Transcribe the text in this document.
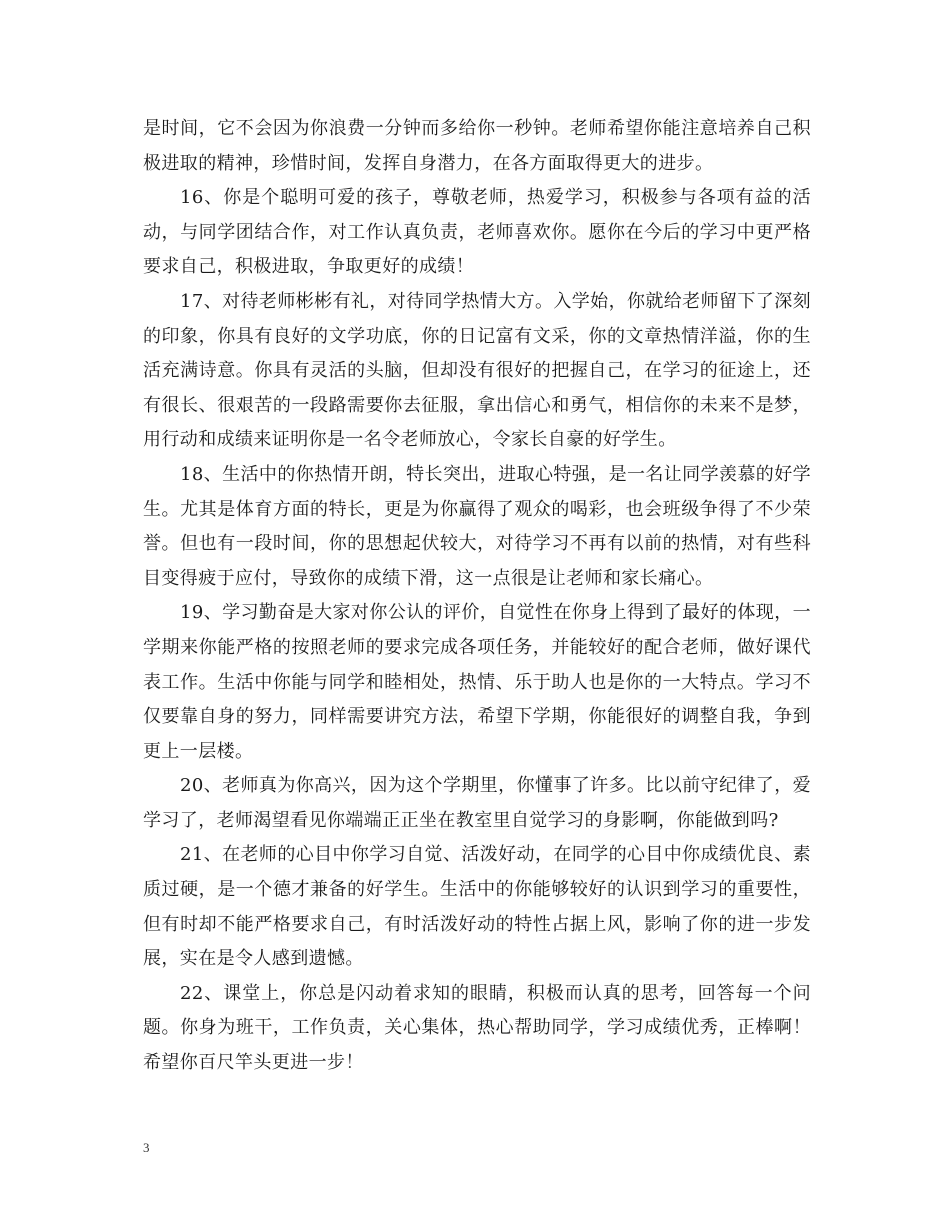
是时间，它不会因为你浪费一分钟而多给你一秒钟。老师希望你能注意培养自己积极进取的精神，珍惜时间，发挥自身潜力，在各方面取得更大的进步。

16、你是个聪明可爱的孩子，尊敬老师，热爱学习，积极参与各项有益的活动，与同学团结合作，对工作认真负责，老师喜欢你。愿你在今后的学习中更严格要求自己，积极进取，争取更好的成绩！

17、对待老师彬彬有礼，对待同学热情大方。入学始，你就给老师留下了深刻的印象，你具有良好的文学功底，你的日记富有文采，你的文章热情洋溢，你的生活充满诗意。你具有灵活的头脑，但却没有很好的把握自己，在学习的征途上，还有很长、很艰苦的一段路需要你去征服，拿出信心和勇气，相信你的未来不是梦，用行动和成绩来证明你是一名令老师放心，令家长自豪的好学生。

18、生活中的你热情开朗，特长突出，进取心特强，是一名让同学羡慕的好学生。尤其是体育方面的特长，更是为你赢得了观众的喝彩，也会班级争得了不少荣誉。但也有一段时间，你的思想起伏较大，对待学习不再有以前的热情，对有些科目变得疲于应付，导致你的成绩下滑，这一点很是让老师和家长痛心。

19、学习勤奋是大家对你公认的评价，自觉性在你身上得到了最好的体现，一学期来你能严格的按照老师的要求完成各项任务，并能较好的配合老师，做好课代表工作。生活中你能与同学和睦相处，热情、乐于助人也是你的一大特点。学习不仅要靠自身的努力，同样需要讲究方法，希望下学期，你能很好的调整自我，争到更上一层楼。

20、老师真为你高兴，因为这个学期里，你懂事了许多。比以前守纪律了，爱学习了，老师渴望看见你端端正正坐在教室里自觉学习的身影啊，你能做到吗?

21、在老师的心目中你学习自觉、活泼好动，在同学的心目中你成绩优良、素质过硬，是一个德才兼备的好学生。生活中的你能够较好的认识到学习的重要性，但有时却不能严格要求自己，有时活泼好动的特性占据上风，影响了你的进一步发展，实在是令人感到遗憾。

22、课堂上，你总是闪动着求知的眼睛，积极而认真的思考，回答每一个问题。你身为班干，工作负责，关心集体，热心帮助同学，学习成绩优秀，正棒啊！希望你百尺竿头更进一步！

3
